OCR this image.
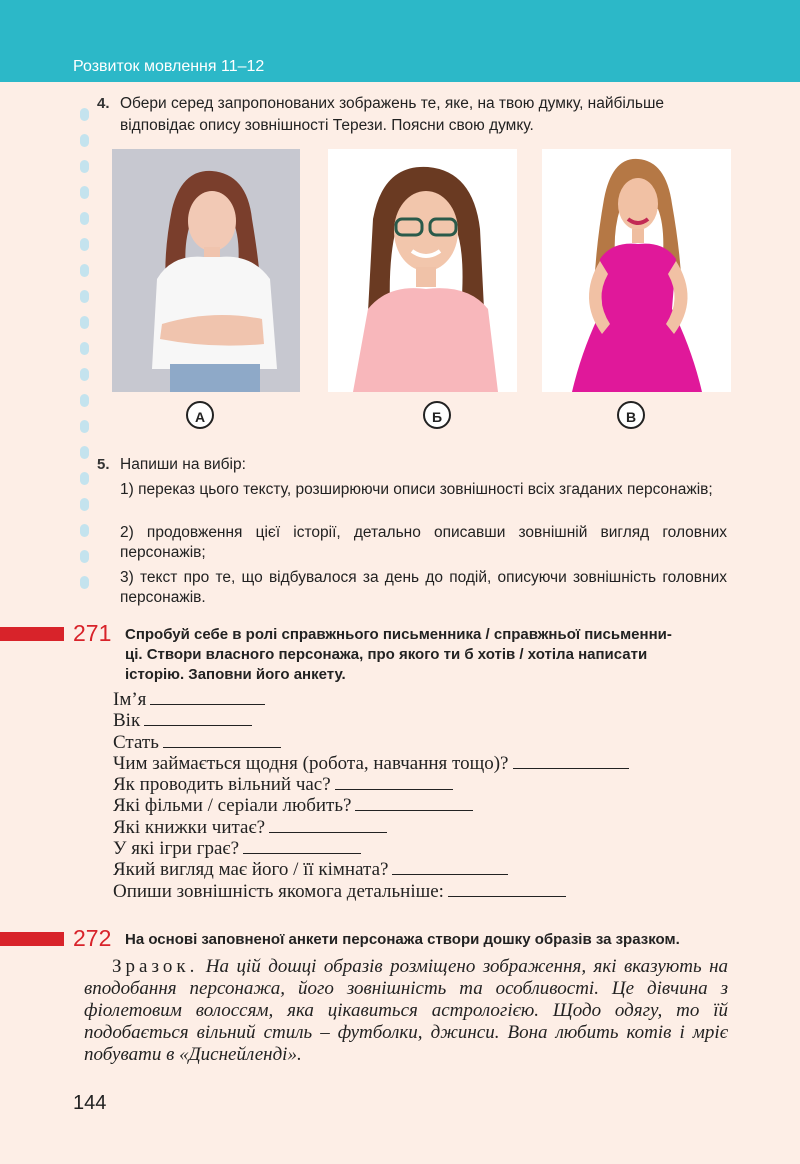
Розвиток мовлення 11–12
4. Обери серед запропонованих зображень те, яке, на твою думку, найбільше
відповідає опису зовнішності Терези. Поясни свою думку.
А	Б	В
5. Напиши на вибір:
1) переказ цього тексту, розширюючи описи зовнішності всіх згаданих персонажів;
2) продовження цієї історії, детально описавши зовнішній вигляд головних персонажів;
3) текст про те, що відбувалося за день до подій, описуючи зовнішність головних персонажів.
271 Спробуй себе в ролі справжнього письменника / справжньої письменни-
ці. Створи власного персонажа, про якого ти б хотів / хотіла написати
історію. Заповни його анкету.
Ім’я
Вік
Стать
Чим займається щодня (робота, навчання тощо)?
Як проводить вільний час?
Які фільми / серіали любить?
Які книжки читає?
У які ігри грає?
Який вигляд має його / її кімната?
Опиши зовнішність якомога детальніше:
272 На основі заповненої анкети персонажа створи дошку образів за зразком.
Зразок. На цій дошці образів розміщено зображення, які вказують на вподобання персонажа, його зовнішність та особливості. Це дівчина з фіолетовим волоссям, яка цікавиться астрологією. Щодо одягу, то їй подобається вільний стиль – футболки, джинси. Вона любить котів і мріє побувати в «Диснейленді».
144
